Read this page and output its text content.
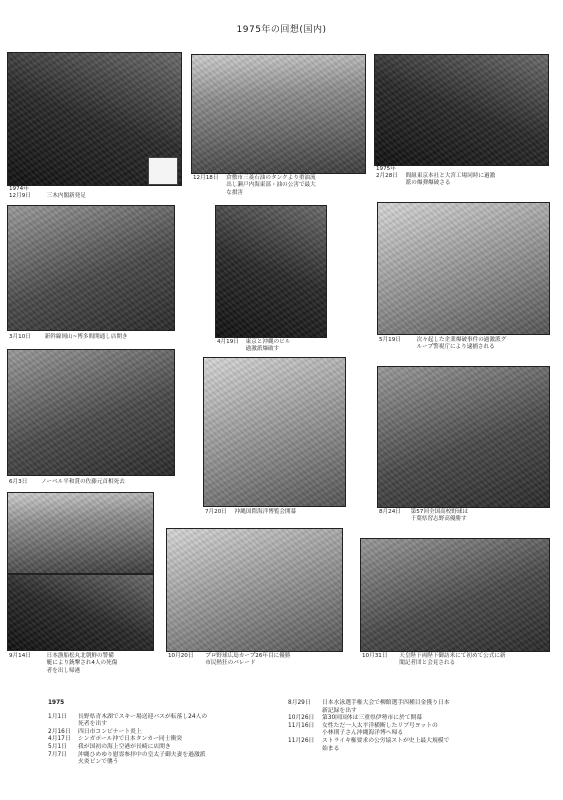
1975年の回想(国内)
1974年
12月9日	三木内閣新発足
12月18日 倉敷市三菱石油のタンクより重油流
出し瀬戸内海東部・油の公害で最大
な損害
1975年
2月28日 間組東京本社と大宮工場同時に過激
派の爆弾爆破さる
3月10日 新幹線岡山~博多間開通し店開き
4月19日 東京と沖縄のビル
過激派爆破す
5月19日	次々起した企業爆破事件の過激派グ
ループ警視庁により逮捕される
6月3日 ノーベル平和賞の佐藤元首相死去
7月20日 沖縄国際海洋博覧会開幕	8月24日 第57回全国高校野球は
千葉県習志野高優勝す
9月14日	日本漁船松丸北朝鮮の警備
艇により銃撃され4人の死傷
者を出し帰港
10月20日 プロ野球広島カープ26年目に優勝
市民熱狂のパレード
10月31日 天皇陛下両陛下御訪米にて初めて公式に新
聞記者団と会見される
1975
1月1日 長野県青木湖でスキー場送迎バスが転落し24人の
死者を出す
2月16日 四日市コンビナート炎上
4月17日 シンガポール沖で日本タンカー同士衝突
5月1日 我が国初の海上空港が長崎に店開き
7月7日 沖縄ひめゆり慰霊参拝中の皇太子御夫妻を過激派
火炎ビンで襲う
8月29日 日本水泳選手権大会で柳館選手四種目金獲り日本
新記録を出す
10月26日 第30回国体は三重県伊勢市に於て開幕
11月16日 女性ただ一人太平洋横断したリブ号ヨットの
小林則子さん沖縄海洋博へ帰る
11月26日 ストライキ権要求の公労協ストが史上最大規模で
始まる
